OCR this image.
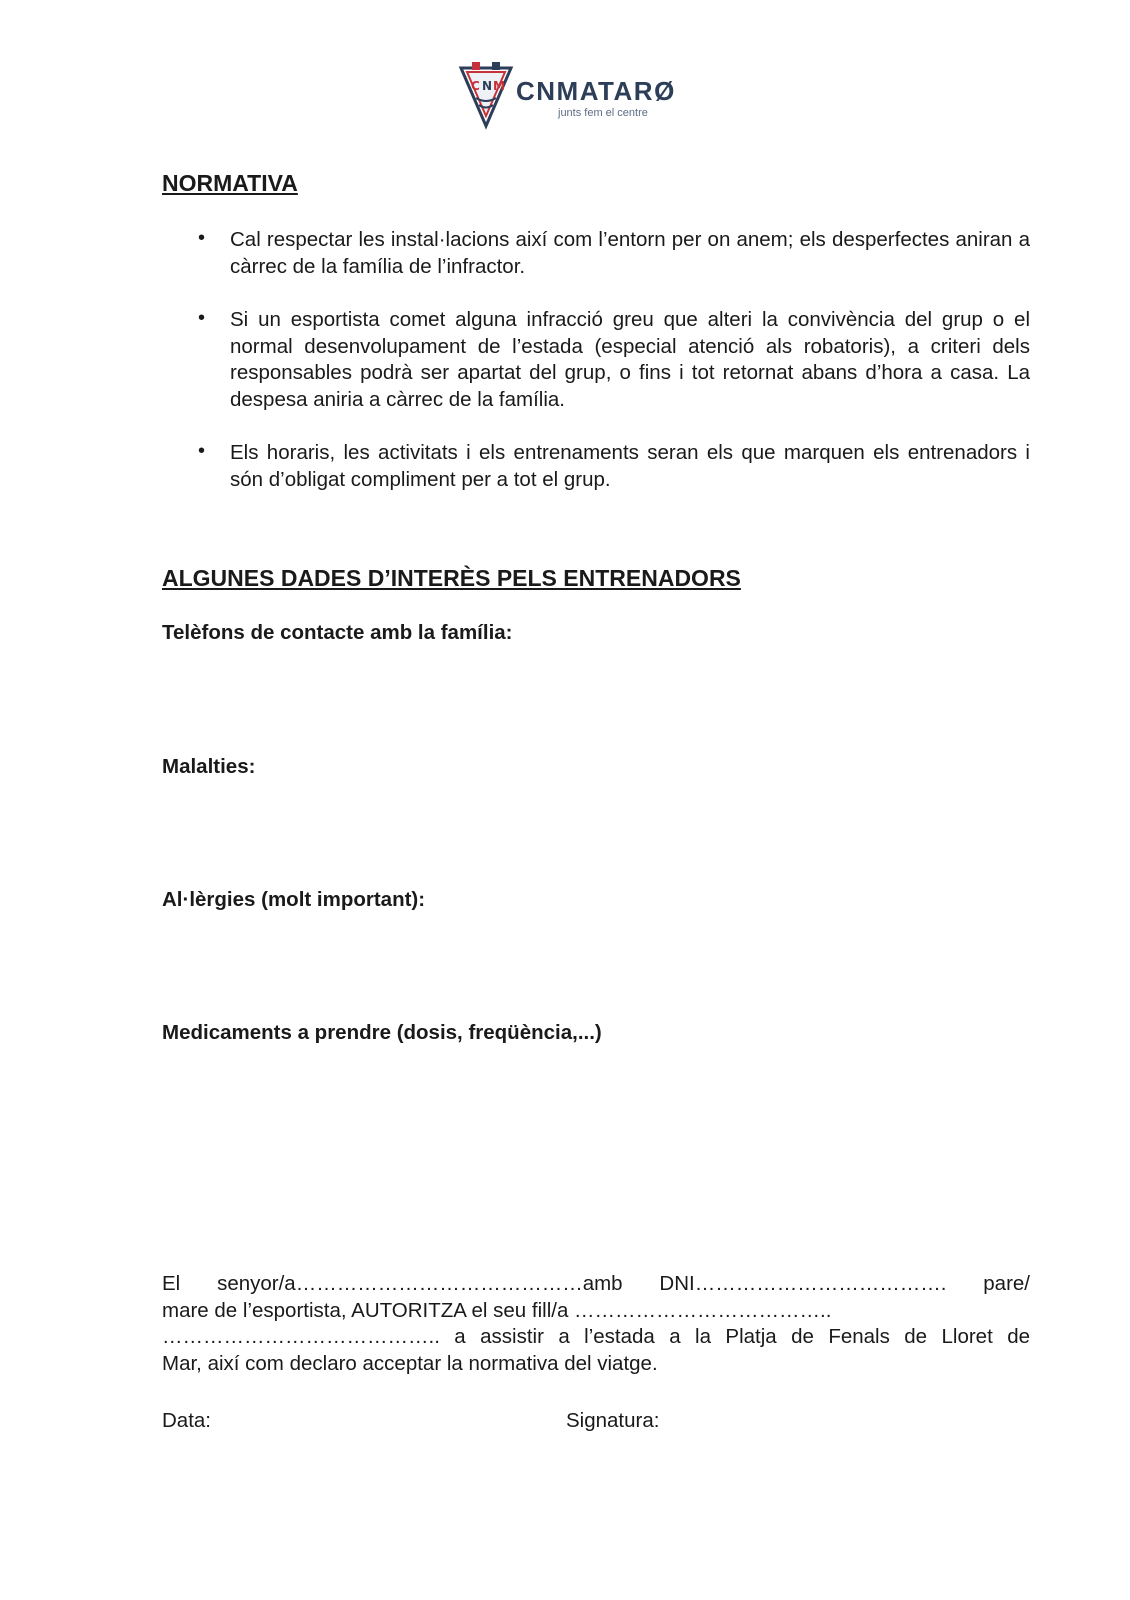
C N M CNMATARØ
junts fem el centre
NORMATIVA
• Cal respectar les instal·lacions així com l’entorn per on anem; els desperfectes aniran a càrrec de la família de l’infractor.
• Si un esportista comet alguna infracció greu que alteri la convivència del grup o el normal desenvolupament de l’estada (especial atenció als robatoris), a criteri dels responsables podrà ser apartat del grup, o fins i tot retornat abans d’hora a casa. La despesa aniria a càrrec de la família.
• Els horaris, les activitats i els entrenaments seran els que marquen els entrenadors i són d’obligat compliment per a tot el grup.
ALGUNES DADES D’INTERÈS PELS ENTRENADORS
Telèfons de contacte amb la família:
Malalties:
Al·lèrgies (molt important):
Medicaments a prendre (dosis, freqüència,...)
El senyor/a……………………………………amb DNI………………………………. pare/
mare de l’esportista, AUTORITZA el seu fill/a ………………………………..
………………………………….. a assistir a l’estada a la Platja de Fenals de Lloret de
Mar, així com declaro acceptar la normativa del viatge.
Data:	Signatura:
